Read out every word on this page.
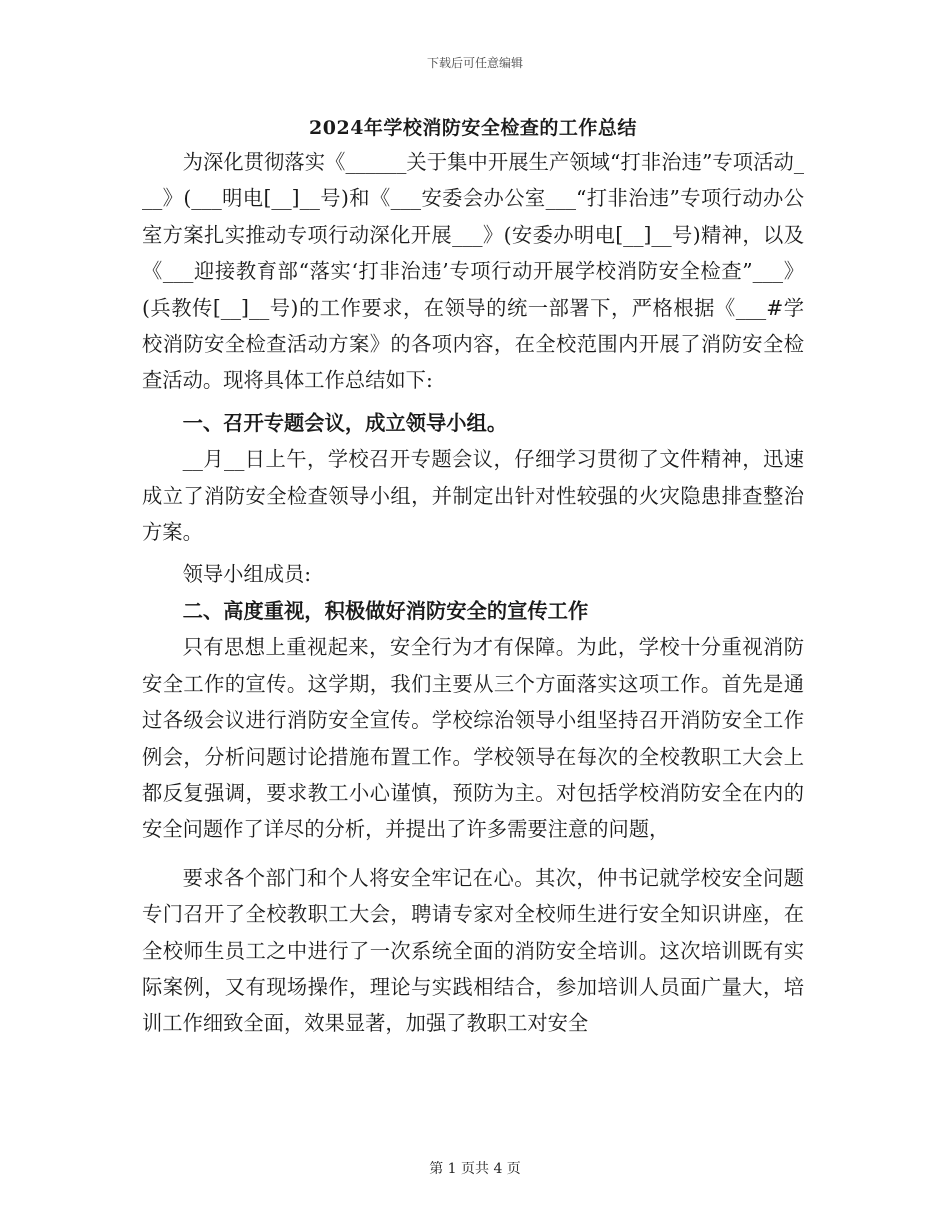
下载后可任意编辑
2024年学校消防安全检查的工作总结

为深化贯彻落实《______关于集中开展生产领域“打非治违”专项活动___》(___明电[__]__号)和《___安委会办公室___“打非治违”专项行动办公室方案扎实推动专项行动深化开展___》(安委办明电[__]__号)精神，以及《___迎接教育部“落实‘打非治违’专项行动开展学校消防安全检查”___》(兵教传[__]__号)的工作要求，在领导的统一部署下，严格根据《___#学校消防安全检查活动方案》的各项内容，在全校范围内开展了消防安全检查活动。现将具体工作总结如下:

一、召开专题会议，成立领导小组。

__月__日上午，学校召开专题会议，仔细学习贯彻了文件精神，迅速成立了消防安全检查领导小组，并制定出针对性较强的火灾隐患排查整治方案。

领导小组成员:

二、高度重视，积极做好消防安全的宣传工作

只有思想上重视起来，安全行为才有保障。为此，学校十分重视消防安全工作的宣传。这学期，我们主要从三个方面落实这项工作。首先是通过各级会议进行消防安全宣传。学校综治领导小组坚持召开消防安全工作例会，分析问题讨论措施布置工作。学校领导在每次的全校教职工大会上都反复强调，要求教工小心谨慎，预防为主。对包括学校消防安全在内的安全问题作了详尽的分析，并提出了许多需要注意的问题，

要求各个部门和个人将安全牢记在心。其次，仲书记就学校安全问题专门召开了全校教职工大会，聘请专家对全校师生进行安全知识讲座，在全校师生员工之中进行了一次系统全面的消防安全培训。这次培训既有实际案例，又有现场操作，理论与实践相结合，参加培训人员面广量大，培训工作细致全面，效果显著，加强了教职工对安全

第 1 页共 4 页
